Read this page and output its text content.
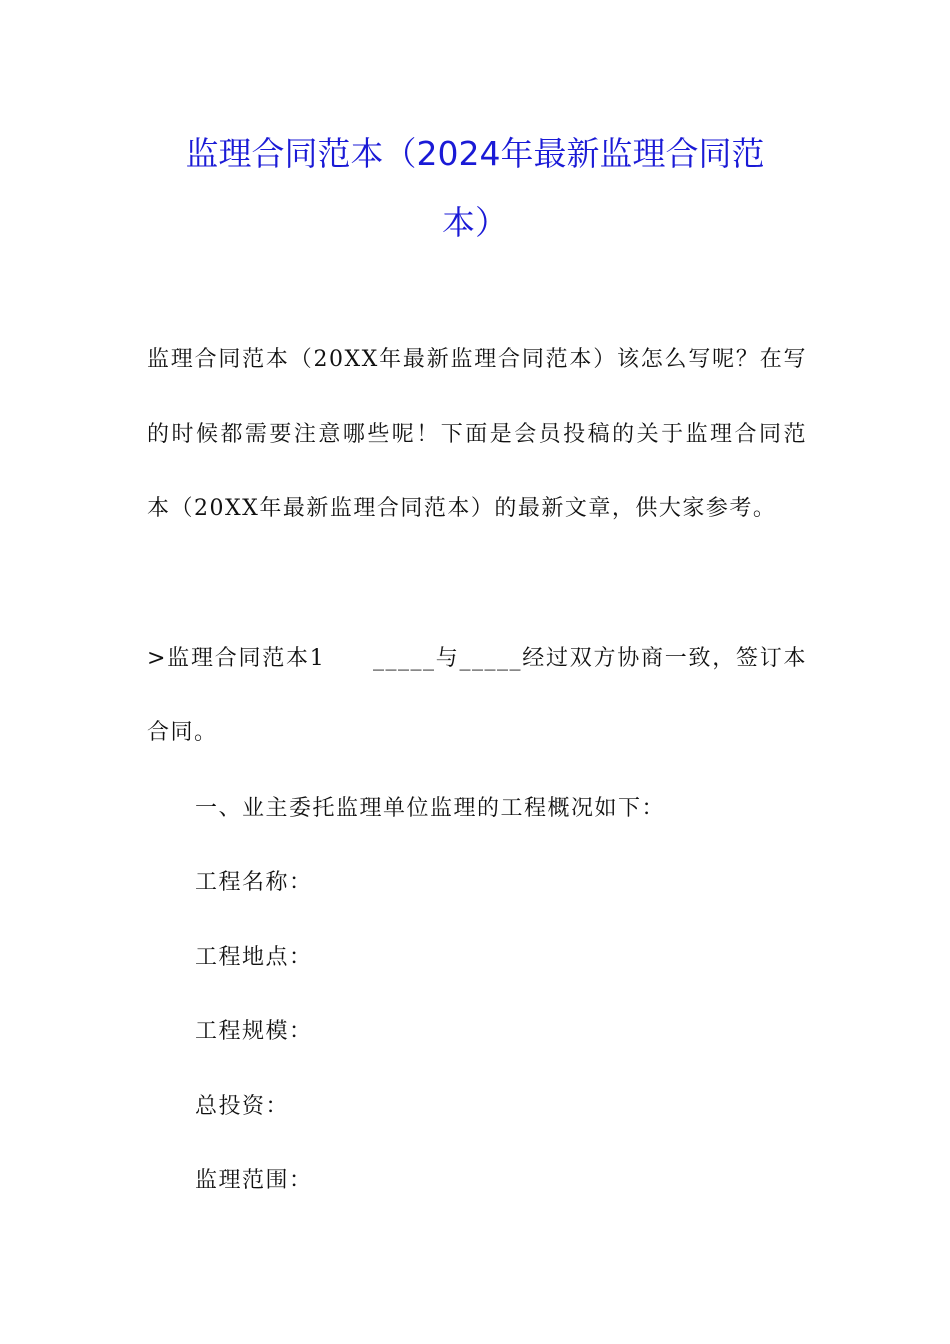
监理合同范本（2024年最新监理合同范
本）
监理合同范本（20XX年最新监理合同范本）该怎么写呢？在写
的时候都需要注意哪些呢！下面是会员投稿的关于监理合同范
本（20XX年最新监理合同范本）的最新文章，供大家参考。
>监理合同范本1　　_____与_____经过双方协商一致，签订本
合同。
一、业主委托监理单位监理的工程概况如下：
工程名称：
工程地点：
工程规模：
总投资：
监理范围：
